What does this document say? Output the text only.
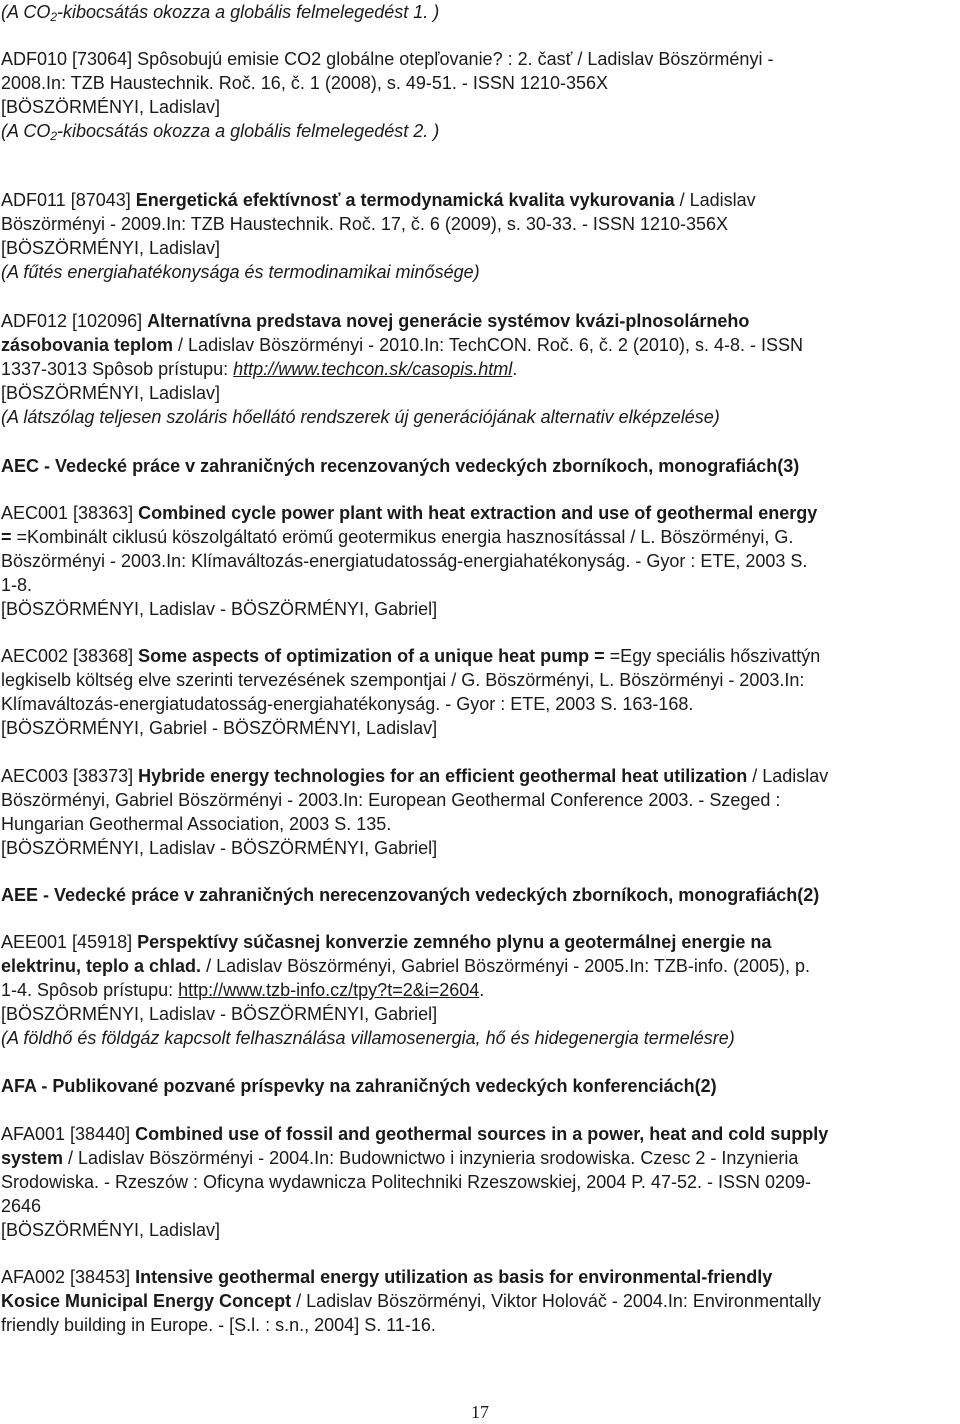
(A $CO_2$-kibocsátás okozza a globális felmelegedést 1. )
ADF010 [73064] Spôsobujú emisie CO2 globálne otepľovanie? : 2. časť / Ladislav Böszörményi -
2008.In: TZB Haustechnik. Roč. 16, č. 1 (2008), s. 49-51. - ISSN 1210-356X
[BÖSZÖRMÉNYI, Ladislav]
(A $CO_2$-kibocsátás okozza a globális felmelegedést 2. )
ADF011 [87043] Energetická efektívnosť a termodynamická kvalita vykurovania / Ladislav
Böszörményi - 2009.In: TZB Haustechnik. Roč. 17, č. 6 (2009), s. 30-33. - ISSN 1210-356X
[BÖSZÖRMÉNYI, Ladislav]
(A fűtés energiahatékonysága és termodinamikai minősége)
ADF012 [102096] Alternatívna predstava novej generácie systémov kvázi-plnosolárneho
zásobovania teplom / Ladislav Böszörményi - 2010.In: TechCON. Roč. 6, č. 2 (2010), s. 4-8. - ISSN
1337-3013 Spôsob prístupu: http://www.techcon.sk/casopis.html.
[BÖSZÖRMÉNYI, Ladislav]
(A látszólag teljesen szoláris hőellátó rendszerek új generációjának alternativ elképzelése)
AEC - Vedecké práce v zahraničných recenzovaných vedeckých zborníkoch, monografiách(3)
AEC001 [38363] Combined cycle power plant with heat extraction and use of geothermal energy
= =Kombinált ciklusú köszolgáltató erömű geotermikus energia hasznosítással / L. Böszörményi, G.
Böszörményi - 2003.In: Klímaváltozás-energiatudatosság-energiahatékonyság. - Gyor : ETE, 2003 S.
1-8.
[BÖSZÖRMÉNYI, Ladislav - BÖSZÖRMÉNYI, Gabriel]
AEC002 [38368] Some aspects of optimization of a unique heat pump = =Egy speciális hőszivattýn
legkiselb költség elve szerinti tervezésének szempontjai / G. Böszörményi, L. Böszörményi - 2003.In:
Klímaváltozás-energiatudatosság-energiahatékonyság. - Gyor : ETE, 2003 S. 163-168.
[BÖSZÖRMÉNYI, Gabriel - BÖSZÖRMÉNYI, Ladislav]
AEC003 [38373] Hybride energy technologies for an efficient geothermal heat utilization / Ladislav
Böszörményi, Gabriel Böszörményi - 2003.In: European Geothermal Conference 2003. - Szeged :
Hungarian Geothermal Association, 2003 S. 135.
[BÖSZÖRMÉNYI, Ladislav - BÖSZÖRMÉNYI, Gabriel]
AEE - Vedecké práce v zahraničných nerecenzovaných vedeckých zborníkoch, monografiách(2)
AEE001 [45918] Perspektívy súčasnej konverzie zemného plynu a geotermálnej energie na
elektrinu, teplo a chlad. / Ladislav Böszörményi, Gabriel Böszörményi - 2005.In: TZB-info. (2005), p.
1-4. Spôsob prístupu: http://www.tzb-info.cz/tpy?t=2&i=2604.
[BÖSZÖRMÉNYI, Ladislav - BÖSZÖRMÉNYI, Gabriel]
(A földhő és földgáz kapcsolt felhasználása villamosenergia, hő és hidegenergia termelésre)
AFA - Publikované pozvané príspevky na zahraničných vedeckých konferenciách(2)
AFA001 [38440] Combined use of fossil and geothermal sources in a power, heat and cold supply
system / Ladislav Böszörményi - 2004.In: Budownictwo i inzynieria srodowiska. Czesc 2 - Inzynieria
Srodowiska. - Rzeszów : Oficyna wydawnicza Politechniki Rzeszowskiej, 2004 P. 47-52. - ISSN 0209-
2646
[BÖSZÖRMÉNYI, Ladislav]
AFA002 [38453] Intensive geothermal energy utilization as basis for environmental-friendly
Kosice Municipal Energy Concept / Ladislav Böszörményi, Viktor Holováč - 2004.In: Environmentally
friendly building in Europe. - [S.l. : s.n., 2004] S. 11-16.
17
